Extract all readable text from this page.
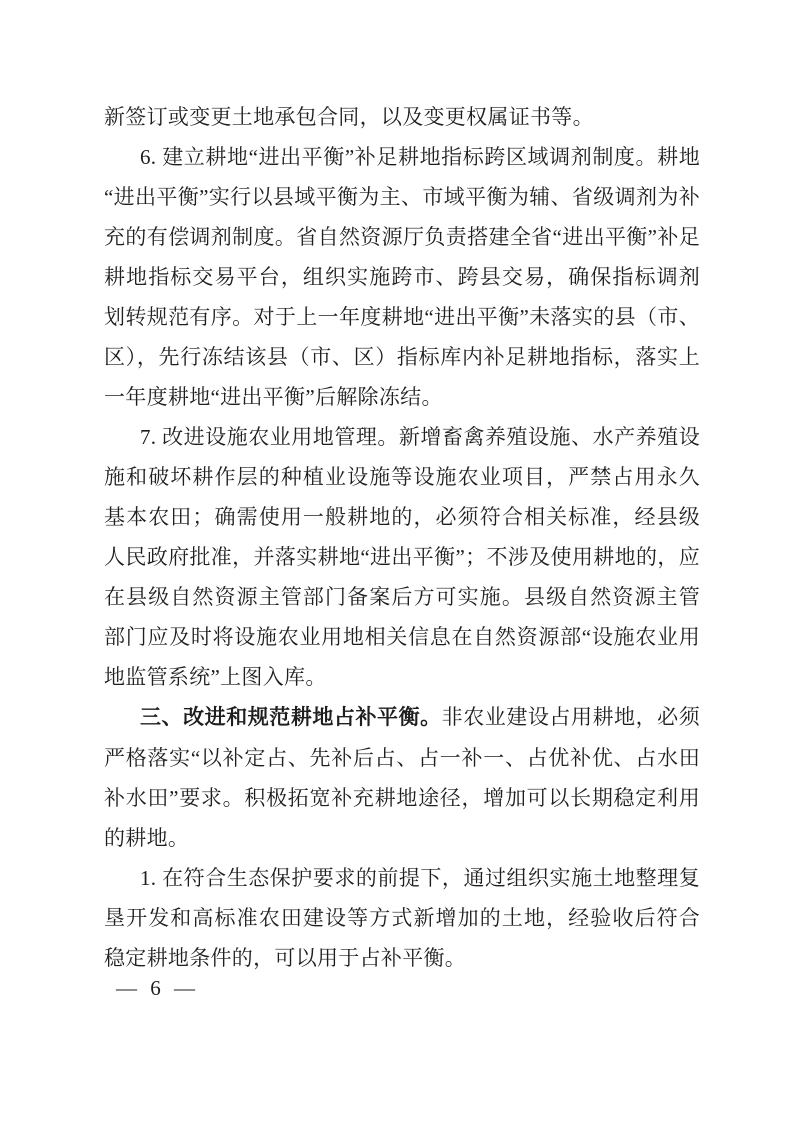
新签订或变更土地承包合同，以及变更权属证书等。

6. 建立耕地“进出平衡”补足耕地指标跨区域调剂制度。耕地“进出平衡”实行以县域平衡为主、市域平衡为辅、省级调剂为补充的有偿调剂制度。省自然资源厅负责搭建全省“进出平衡”补足耕地指标交易平台，组织实施跨市、跨县交易，确保指标调剂划转规范有序。对于上一年度耕地“进出平衡”未落实的县（市、区），先行冻结该县（市、区）指标库内补足耕地指标，落实上一年度耕地“进出平衡”后解除冻结。

7. 改进设施农业用地管理。新增畜禽养殖设施、水产养殖设施和破坏耕作层的种植业设施等设施农业项目，严禁占用永久基本农田；确需使用一般耕地的，必须符合相关标准，经县级人民政府批准，并落实耕地“进出平衡”；不涉及使用耕地的，应在县级自然资源主管部门备案后方可实施。县级自然资源主管部门应及时将设施农业用地相关信息在自然资源部“设施农业用地监管系统”上图入库。

三、改进和规范耕地占补平衡。非农业建设占用耕地，必须严格落实“以补定占、先补后占、占一补一、占优补优、占水田补水田”要求。积极拓宽补充耕地途径，增加可以长期稳定利用的耕地。

1. 在符合生态保护要求的前提下，通过组织实施土地整理复垦开发和高标准农田建设等方式新增加的土地，经验收后符合稳定耕地条件的，可以用于占补平衡。

— 6 —
